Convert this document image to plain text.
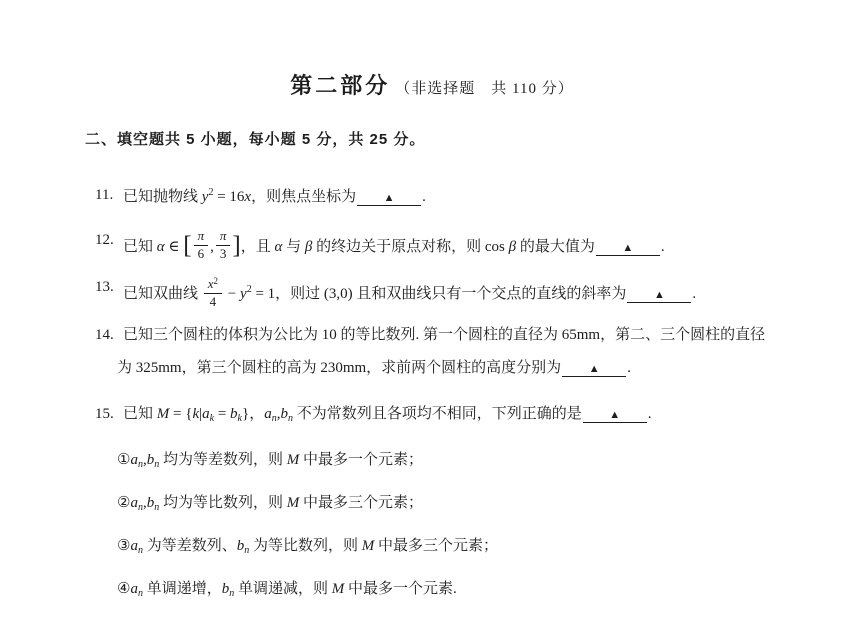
第二部分 （非选择题　共 110 分）
二、填空题共 5 小题，每小题 5 分，共 25 分。
11. 已知抛物线 $y^2 = 16x$，则焦点坐标为	▲ .
12. 已知 α ∈ [ $\frac{\pi}{6}$ , $\frac{\pi}{3}$ ]，且 α 与 β 的终边关于原点对称，则 cos β 的最大值为	▲ .
13. 已知双曲线 $\frac{x^2}{4} - y^2 = 1$，则过 (3,0) 且和双曲线只有一个交点的直线的斜率为	▲ .
14. 已知三个圆柱的体积为公比为 10 的等比数列. 第一个圆柱的直径为 65mm，第二、三个圆柱的直径
为 325mm，第三个圆柱的高为 230mm，求前两个圆柱的高度分别为	▲ .
15. 已知 $M = \{k|a_k = b_k\}$，$a_n,b_n$ 不为常数列且各项均不相同，下列正确的是	▲ .
$①a_n,b_n$ 均为等差数列，则 M 中最多一个元素；
$②a_n,b_n$ 均为等比数列，则 M 中最多三个元素；
$③a_n$ 为等差数列、$b_n$ 为等比数列，则 M 中最多三个元素；
$④a_n$ 单调递增，$b_n$ 单调递减，则 M 中最多一个元素.
